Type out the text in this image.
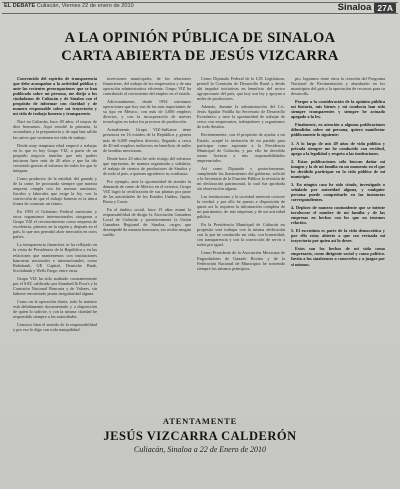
EL DEBATE Culiacán, Viernes 22 de enero de 2010	Sinaloa 27A
A LA OPINIÓN PÚBLICA DE SINALOA
CARTA ABIERTA DE JESÚS VIZCARRA

Convencido del espíritu de transparencia que debe acompañar a la actividad pública y ante las recientes preocupaciones que se han publicado sobre mi persona, me dirijo a los ciudadanos de Culiacán y de Sinaloa con el propósito de informar con claridad y de manera responsable sobre mi trayectoria y mi vida de trabajo honesto y transparente.

Nací en Culiacán, hace 49 años, el mayor de diez hermanos. Aquí estudié la primaria, la secundaria y la preparatoria y de aquí han salido las raíces que sostienen mi vida de trabajo.

Desde muy temprana edad empecé a trabajar en lo que es hoy Grupo VIZ, a partir de un pequeño negocio familiar que mis padres iniciaron hace más de 40 años y que ha ido creciendo gracias al esfuerzo de todos los que lo integran.

Como productor de la entidad, del ganado y de la carne, he procurado siempre que nuestra empresa cumpla con las normas sanitarias, fiscales y laborales que exige la ley, con la convicción de que el trabajo honesto es la única forma de construir un futuro.

En 1993 el Gobierno Federal mexicano y otros organismos internacionales otorgaron a Grupo VIZ el reconocimiento como empresa de excelencia, primero en la región y después en el país, lo que nos permitió abrir mercados en otros países.

La transparencia financiera se ha reflejado en la visita de Presidentes de la República y en las relaciones que mantenemos con instituciones bancarias nacionales e internacionales, como Rabobank, GE Capital, Deutsche Bank, Scotiabank y Wells Fargo, entre otras.

Grupo VIZ ha sido auditado constantemente por el SAT, calificado por Standard & Poor's y la Comisión Nacional Bancaria y de Valores, sin haberse encontrado jamás irregularidad alguna.

Como en la operación diaria, todo lo anterior está debidamente documentado y a disposición de quien lo solicite, y con la misma claridad he respondido siempre a las autoridades.

Conozco bien el sentido de la responsabilidad y por eso lo digo con toda tranquilidad.

inversiones municipales, de las relaciones financieras, del trabajo de los empresarios y de una operación administrativa eficiente, Grupo VIZ ha contribuido al crecimiento del empleo en el estado.

Adicionalmente, desde 1994 iniciamos operaciones que hoy son de las más importantes de su tipo en México, con más de 3,000 empleos directos, y con la incorporación de nuevas tecnologías en todos los procesos de producción.

Actualmente, Grupo VIZ-SuKarne tiene presencia en 16 estados de la República y genera más de 6,000 empleos directos, llegando a cerca de 40 mil empleos indirectos en beneficio de miles de familias mexicanas.

Desde hace 20 años he sido testigo del esfuerzo que representa, de manera organizada y solidaria, el trabajo de cientos de productores de Sinaloa y de todo el país, a quienes agradezco su confianza.

Por ejemplo, ante la oportunidad de atender la demanda de carne de México en el exterior, Grupo VIZ logró la certificación de sus plantas por parte de las autoridades de los Estados Unidos, Japón, Rusia y Corea.

En el ámbito social, hace 15 años asumí la responsabilidad de dirigir la Asociación Ganadera Local de Culiacán y posteriormente la Unión Ganadera Regional de Sinaloa, cargos que desempeñé de manera honoraria, sin recibir ningún sueldo.

Como Diputado Federal de la LIX Legislatura, presidí la Comisión de Desarrollo Rural y desde ahí impulsé iniciativas en beneficio del sector agropecuario del país, que hoy son ley y apoyan a miles de productores.

Además, durante la administración del Lic. Jesús Aguilar Padilla fui Secretario de Desarrollo Económico y tuve la oportunidad de trabajar de cerca con empresarios, trabajadores y organismos de todo Sinaloa.

Recientemente, con el propósito de ayudar a mi Estado, acepté la invitación de mi partido para participar como aspirante a la Presidencia Municipal de Culiacán, y por ello he decidido tomar licencia a mis responsabilidades empresariales.

Así como Diputado y posteriormente, cumpliendo los lineamientos del gobierno, solicité a la Secretaría de la Función Pública la revisión de mi declaración patrimonial, la cual fue aprobada sin observación alguna.

Las instituciones y la sociedad merecen conocer la verdad, y por ello he puesto a disposición de quien así lo requiera la información completa de mi patrimonio, de mis empresas y de mi actividad pública.

En la Presidencia Municipal de Culiacán mi propósito será trabajar con la misma dedicación con la que he conducido mi vida, con honestidad, con transparencia y con la convicción de servir a todos por igual.

Como Presidente de la Asociación Mexicana de Engordadores de Ganado Bovino y de la Federación Nacional de Municipios he sostenido siempre los mismos principios.

pio, logramos entre otros la creación del Programa Nacional de Pavimentación y alumbrado en los municipios del país y la aportación de recursos para su desarrollo.

Porque a la consideración de la opinión pública mi historia, mis bienes y mi conducta han sido siempre transparentes y siempre he actuado apegado a la ley.

Finalmente, en atención a algunas publicaciones difundidas sobre mi persona, quiero manifestar públicamente lo siguiente:

1. A lo largo de mis 49 años de vida pública y privada siempre me he conducido con rectitud, apego a la legalidad y respeto a las instituciones.

2. Estas publicaciones sólo buscan dañar mi imagen y la de mi familia en un momento en el que he decidido participar en la vida pública de mi municipio.

3. En ningún caso he sido citado, investigado o señalado por autoridad alguna, y cualquier persona puede comprobarlo en las instancias correspondientes.

4. Deploro de manera contundente que se intente involucrar el nombre de mi familia y de las empresas en hechos con los que no tenemos relación.

5. El escrutinio es parte de la vida democrática y por ello estoy abierto a que sea revisada mi trayectoria por quien así lo desee.

Estos son los hechos de mi vida como empresario, como dirigente social y como político. Invito a los sinaloenses a conocerlos y a juzgar por sí mismos.

ATENTAMENTE
JESÚS VIZCARRA CALDERÓN
Culiacán, Sinaloa a 22 de Enero de 2010
